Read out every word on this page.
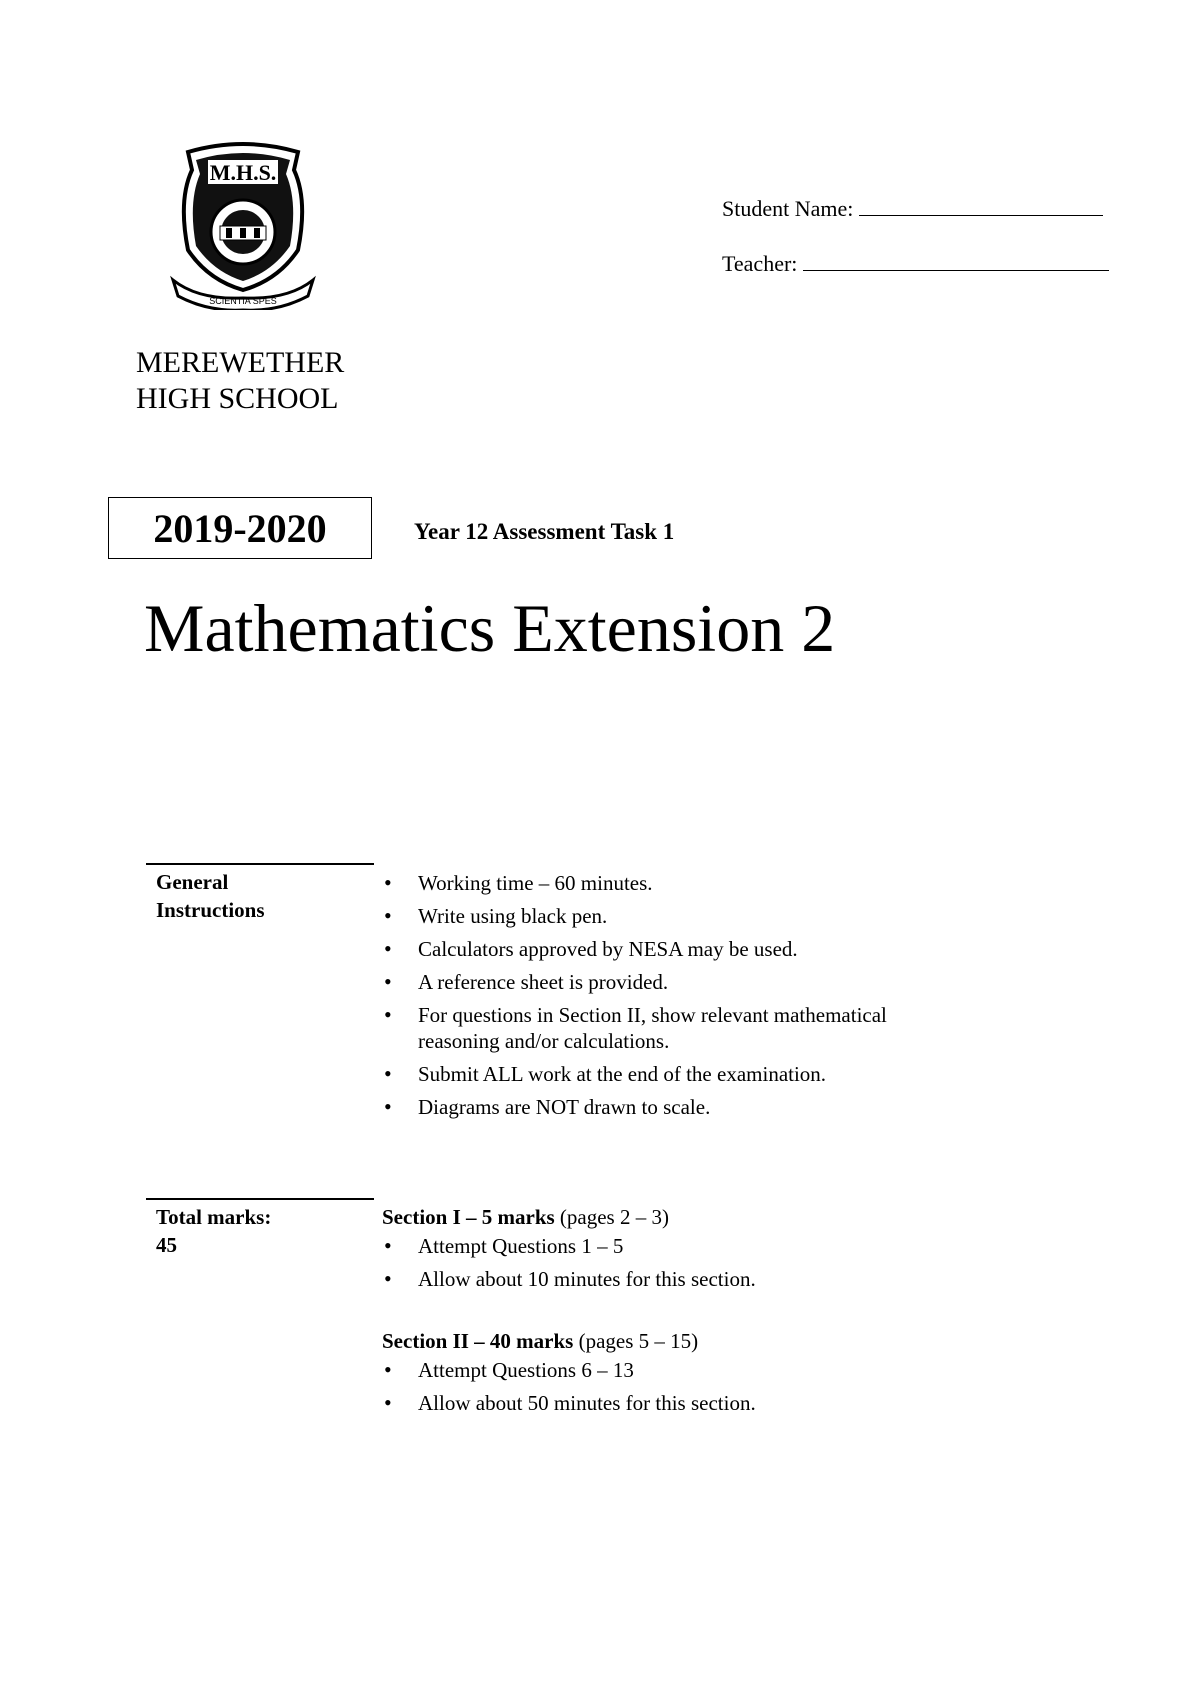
M.H.S.
SCIENTIA SPES
MEREWETHER
HIGH SCHOOL
Student Name:
Teacher:
2019-2020	Year 12 Assessment Task 1
Mathematics Extension 2
General
Instructions
• Working time – 60 minutes.
• Write using black pen.
• Calculators approved by NESA may be used.
• A reference sheet is provided.
• For questions in Section II, show relevant mathematical reasoning and/or calculations.
• Submit ALL work at the end of the examination.
• Diagrams are NOT drawn to scale.
Total marks:
45
Section I – 5 marks (pages 2 – 3)
• Attempt Questions 1 – 5
• Allow about 10 minutes for this section.
Section II – 40 marks (pages 5 – 15)
• Attempt Questions 6 – 13
• Allow about 50 minutes for this section.
